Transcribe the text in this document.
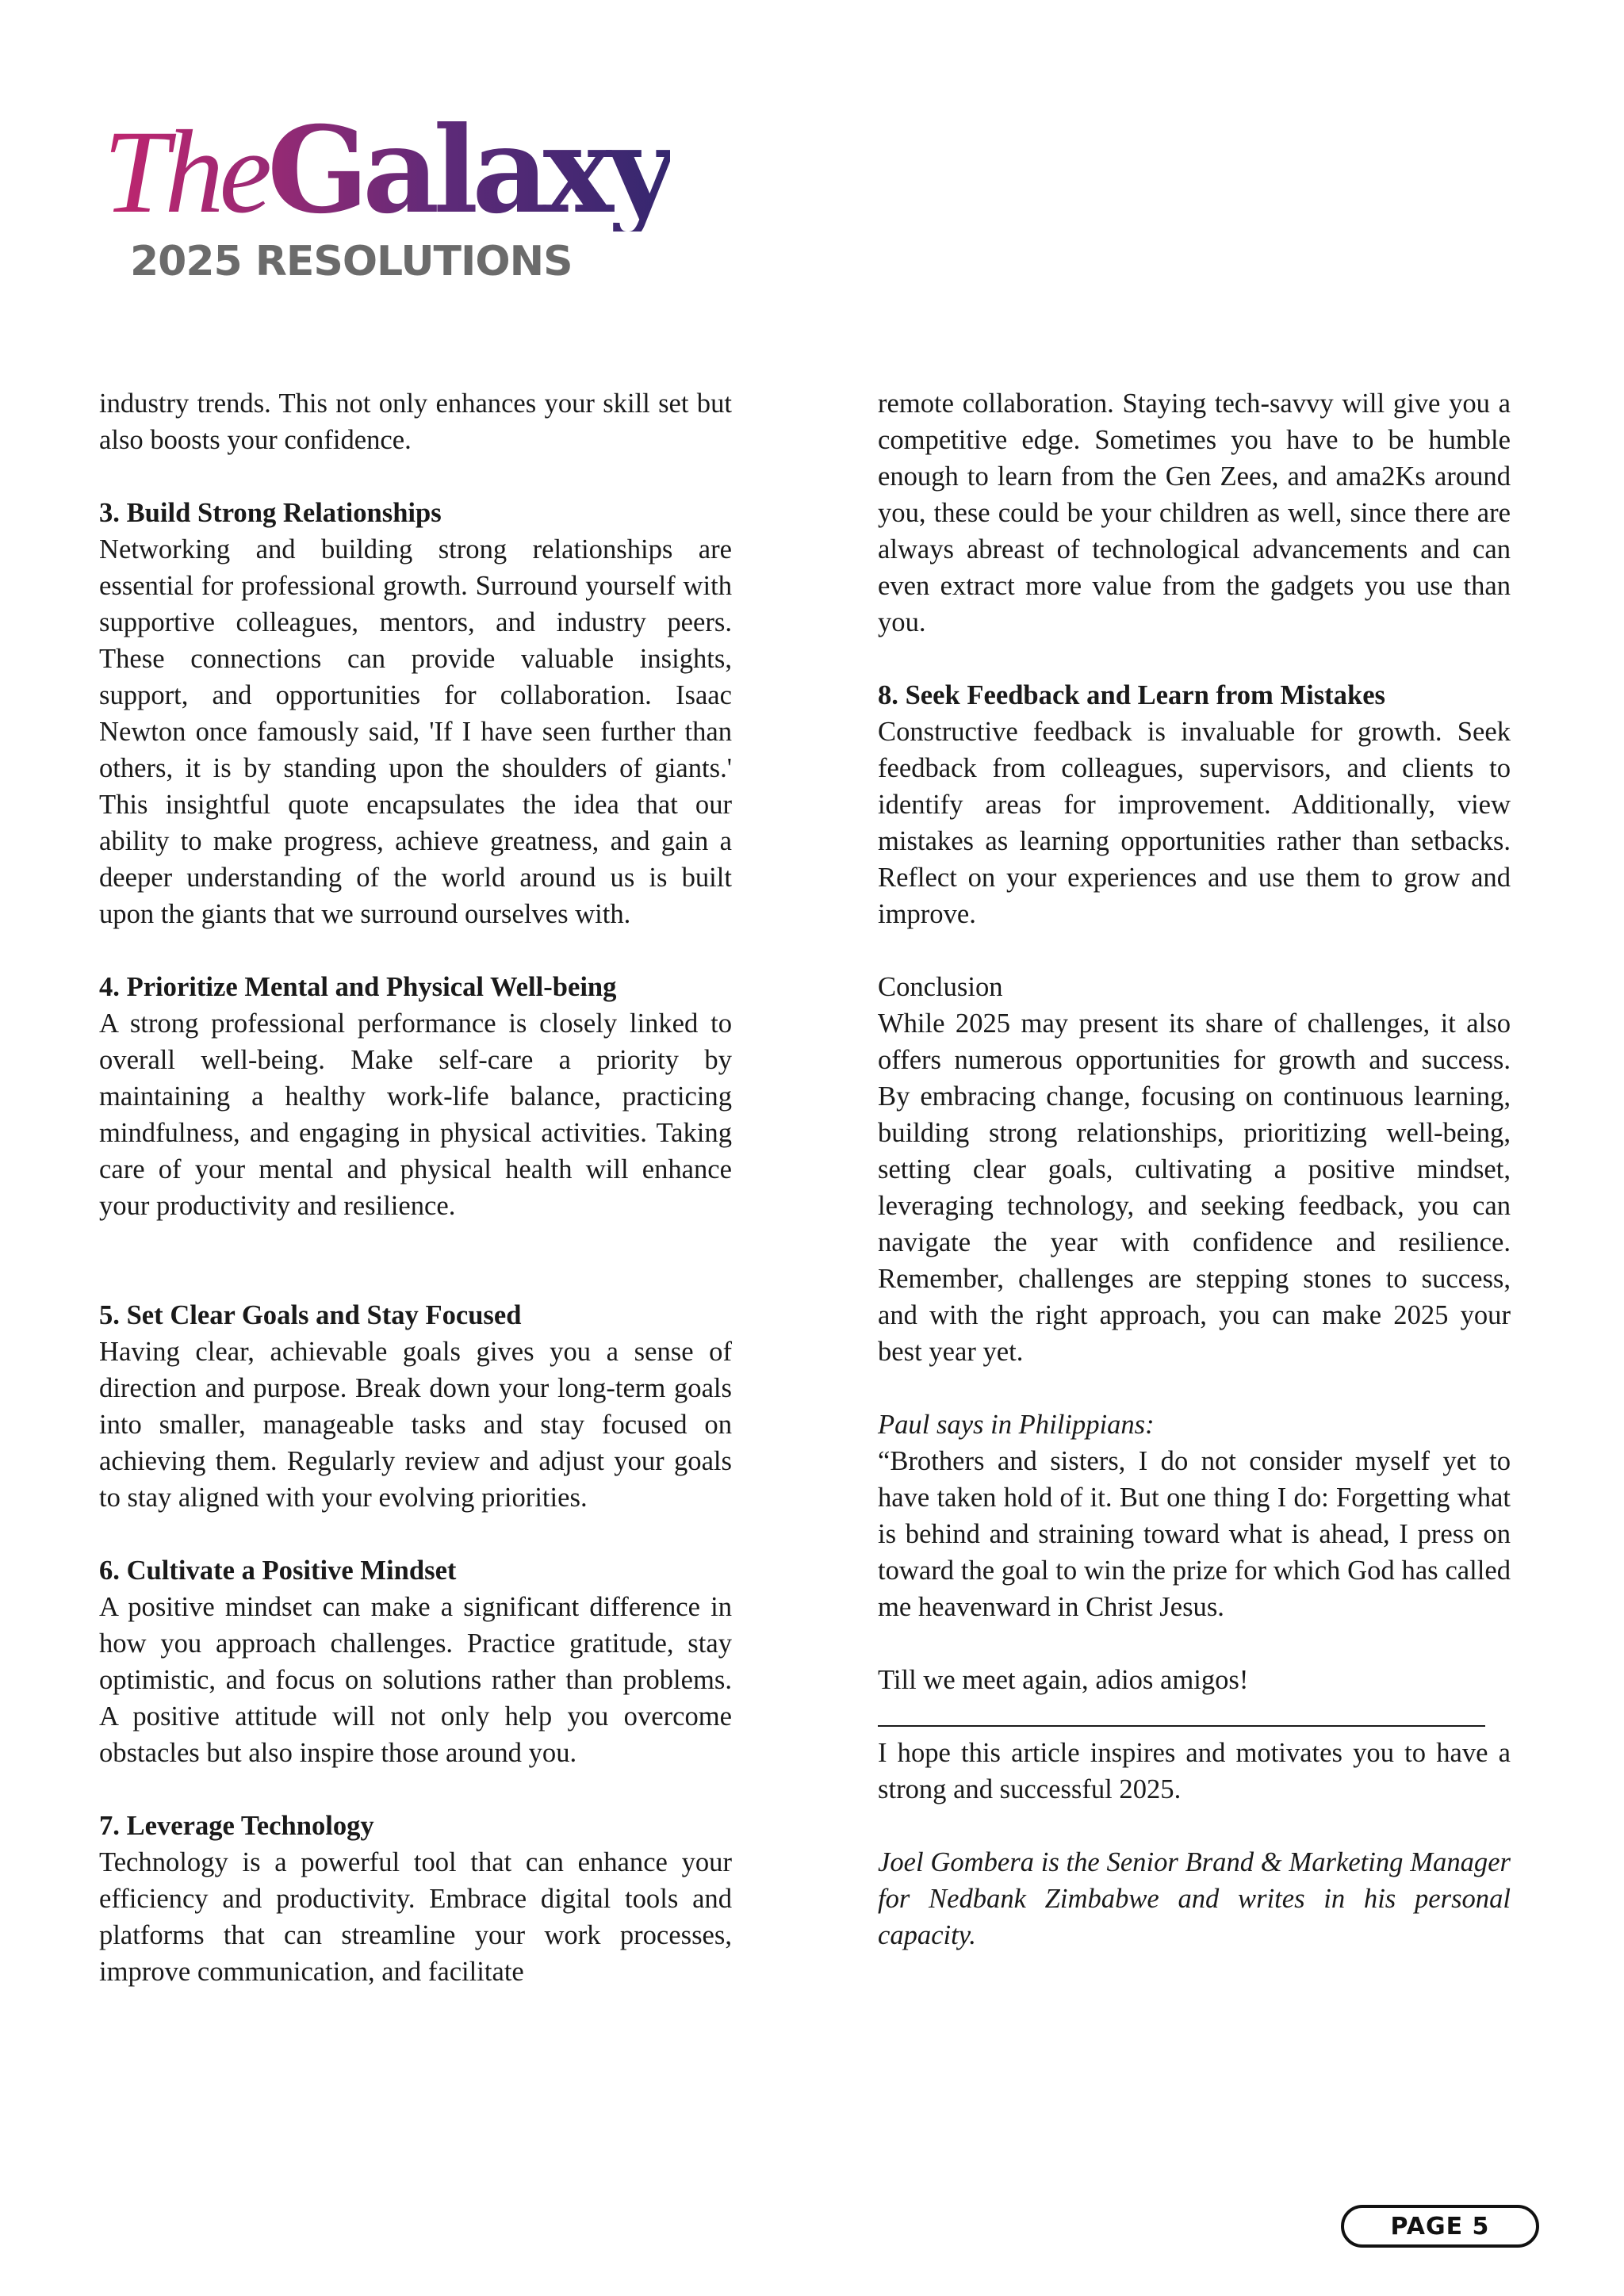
TheGalaxy
2025 RESOLUTIONS

industry trends. This not only enhances your skill set but also boosts your confidence.

3. Build Strong Relationships

Networking and building strong relationships are essential for professional growth. Surround yourself with supportive colleagues, mentors, and industry peers. These connections can provide valuable insights, support, and opportunities for collaboration. Isaac Newton once famously said, 'If I have seen further than others, it is by standing upon the shoulders of giants.' This insightful quote encapsulates the idea that our ability to make progress, achieve greatness, and gain a deeper understanding of the world around us is built upon the giants that we surround ourselves with.

4. Prioritize Mental and Physical Well-being

A strong professional performance is closely linked to overall well-being. Make self-care a priority by maintaining a healthy work-life balance, practicing mindfulness, and engaging in physical activities. Taking care of your mental and physical health will enhance your productivity and resilience.

5. Set Clear Goals and Stay Focused

Having clear, achievable goals gives you a sense of direction and purpose. Break down your long-term goals into smaller, manageable tasks and stay focused on achieving them. Regularly review and adjust your goals to stay aligned with your evolving priorities.

6. Cultivate a Positive Mindset

A positive mindset can make a significant difference in how you approach challenges. Practice gratitude, stay optimistic, and focus on solutions rather than problems. A positive attitude will not only help you overcome obstacles but also inspire those around you.

7. Leverage Technology

Technology is a powerful tool that can enhance your efficiency and productivity. Embrace digital tools and platforms that can streamline your work processes, improve communication, and facilitate

remote collaboration. Staying tech-savvy will give you a competitive edge. Sometimes you have to be humble enough to learn from the Gen Zees, and ama2Ks around you, these could be your children as well, since there are always abreast of technological advancements and can even extract more value from the gadgets you use than you.

8. Seek Feedback and Learn from Mistakes

Constructive feedback is invaluable for growth. Seek feedback from colleagues, supervisors, and clients to identify areas for improvement. Additionally, view mistakes as learning opportunities rather than setbacks. Reflect on your experiences and use them to grow and improve.

Conclusion

While 2025 may present its share of challenges, it also offers numerous opportunities for growth and success. By embracing change, focusing on continuous learning, building strong relationships, prioritizing well-being, setting clear goals, cultivating a positive mindset, leveraging technology, and seeking feedback, you can navigate the year with confidence and resilience. Remember, challenges are stepping stones to success, and with the right approach, you can make 2025 your best year yet.

Paul says in Philippians:

“Brothers and sisters, I do not consider myself yet to have taken hold of it. But one thing I do: Forgetting what is behind and straining toward what is ahead, I press on toward the goal to win the prize for which God has called me heavenward in Christ Jesus.

Till we meet again, adios amigos!

I hope this article inspires and motivates you to have a strong and successful 2025.

Joel Gombera is the Senior Brand & Marketing Manager for Nedbank Zimbabwe and writes in his personal capacity.

PAGE 5
